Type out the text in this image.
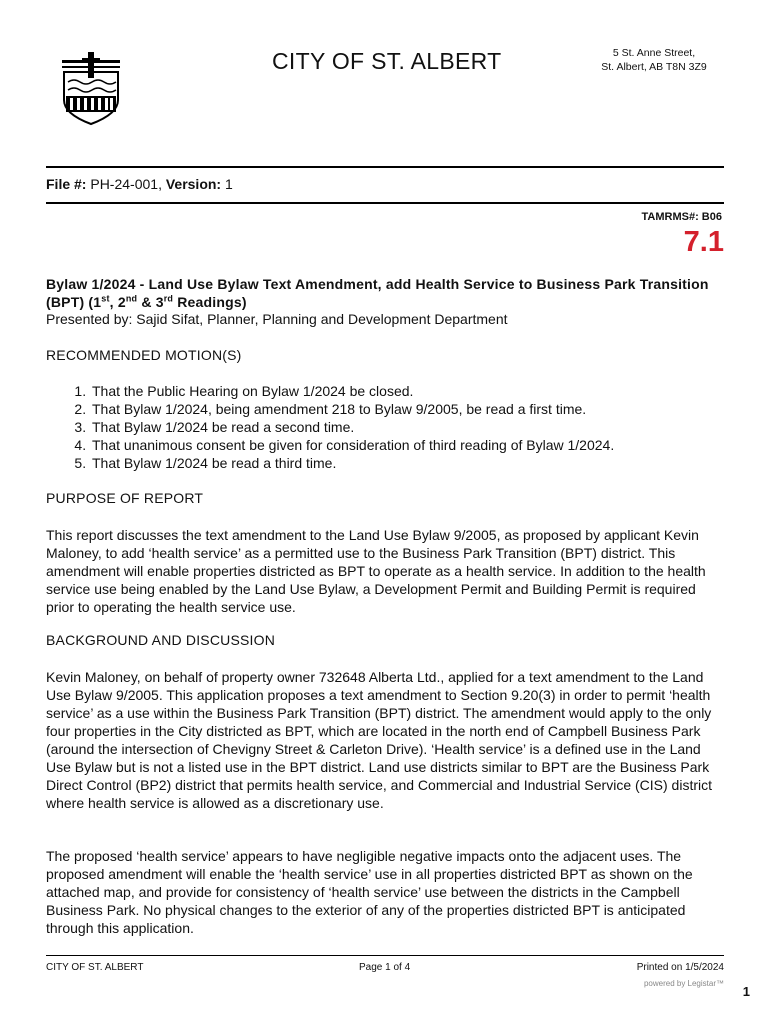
CITY OF ST. ALBERT	5 St. Anne Street,
St. Albert, AB T8N 3Z9
File #: PH-24-001, Version: 1
TAMRMS#: B06
7.1
Bylaw 1/2024 - Land Use Bylaw Text Amendment, add Health Service to Business Park Transition (BPT) (1st, 2nd & 3rd Readings)
Presented by: Sajid Sifat, Planner, Planning and Development Department
RECOMMENDED MOTION(S)
1. That the Public Hearing on Bylaw 1/2024 be closed.
2. That Bylaw 1/2024, being amendment 218 to Bylaw 9/2005, be read a first time.
3. That Bylaw 1/2024 be read a second time.
4. That unanimous consent be given for consideration of third reading of Bylaw 1/2024.
5. That Bylaw 1/2024 be read a third time.
PURPOSE OF REPORT
This report discusses the text amendment to the Land Use Bylaw 9/2005, as proposed by applicant Kevin Maloney, to add ‘health service’ as a permitted use to the Business Park Transition (BPT) district. This amendment will enable properties districted as BPT to operate as a health service. In addition to the health service use being enabled by the Land Use Bylaw, a Development Permit and Building Permit is required prior to operating the health service use.
BACKGROUND AND DISCUSSION
Kevin Maloney, on behalf of property owner 732648 Alberta Ltd., applied for a text amendment to the Land Use Bylaw 9/2005. This application proposes a text amendment to Section 9.20(3) in order to permit ‘health service’ as a use within the Business Park Transition (BPT) district. The amendment would apply to the only four properties in the City districted as BPT, which are located in the north end of Campbell Business Park (around the intersection of Chevigny Street & Carleton Drive). ‘Health service’ is a defined use in the Land Use Bylaw but is not a listed use in the BPT district. Land use districts similar to BPT are the Business Park Direct Control (BP2) district that permits health service, and Commercial and Industrial Service (CIS) district where health service is allowed as a discretionary use.
The proposed ‘health service’ appears to have negligible negative impacts onto the adjacent uses. The proposed amendment will enable the ‘health service’ use in all properties districted BPT as shown on the attached map, and provide for consistency of ‘health service’ use between the districts in the Campbell Business Park. No physical changes to the exterior of any of the properties districted BPT is anticipated through this application.
CITY OF ST. ALBERT	Page 1 of 4	Printed on 1/5/2024
powered by Legistar™
1
